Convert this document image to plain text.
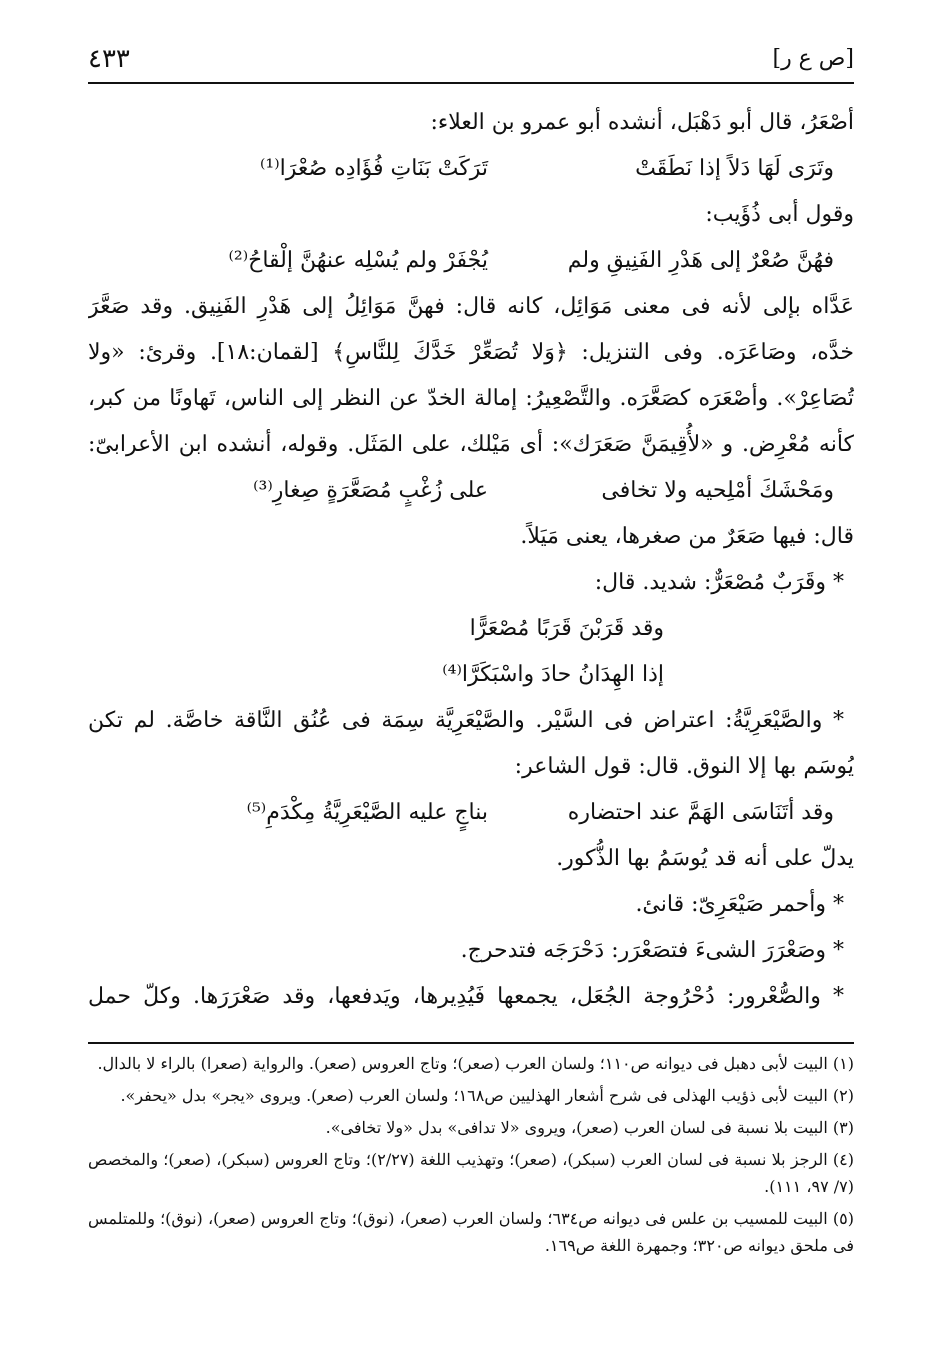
[ص ع ر]
٤٣٣
أصْعَرُ، قال أبو دَهْبَل، أنشده أبو عمرو بن العلاء:
وتَرَى لَهَا دَلاً إذا نَطَقَتْ
تَرَكَتْ بَنَاتِ فُؤَادِه صُعْرَا⁽¹⁾
وقول أبى ذُؤَيب:
فهُنَّ صُعْرٌ إلى هَدْرِ الفَنِيقِ ولم
يُجْفَرْ ولم يُسْلِه عنهُنَّ إلْقاحُ⁽²⁾
عَدَّاه بإلى لأنه فى معنى مَوَائِل، كانه قال: فهنَّ مَوَائِلُ إلى هَدْرِ الفَنِيق. وقد صَعَّرَ
خدَّه، وصَاعَرَه. وفى التنزيل: ﴿وَلا تُصَعِّرْ خَدَّكَ لِلنَّاسِ﴾ [لقمان:١٨]. وقرئ: «ولا
تُصَاعِرْ». وأصْعَرَه كصَعَّرَه. والتَّصْعِيرُ: إمالة الخدّ عن النظر إلى الناس، تَهاونًا من كبر،
كأنه مُعْرِض. و «لأُقِيمَنَّ صَعَرَك»: أى مَيْلك، على المَثَل. وقوله، أنشده ابن الأعرابىّ:
ومَحْشَكَ أمْلِحيه ولا تخافى
على زُغْبٍ مُصَعَّرَةٍ صِغارِ⁽³⁾
قال: فيها صَعَرٌ من صغرها، يعنى مَيَلاً.
* وقَرَبٌ مُصْعَرٌّ: شديد. قال:
وقد قَرَبْنَ قَرَبًا مُصْعَرًّا
إذا الهِدَانُ حادَ واسْبَكَرَّا⁽⁴⁾
* والصَّيْعَرِيَّةُ: اعتراض فى السَّيْر. والصَّيْعَرِيَّة سِمَة فى عُنُق النَّاقة خاصَّة. لم تكن
يُوسَم بها إلا النوق. قال: قول الشاعر:
وقد أتَنَاسَى الهَمَّ عند احتضاره
بناجٍ عليه الصَّيْعَرِيَّةُ مِكْدَمِ⁽⁵⁾
يدلّ على أنه قد يُوسَمُ بها الذُّكور.
* وأحمر صَيْعَرِىّ: قانئ.
* وصَعْرَرَ الشىءَ فتصَعْرَر: دَحْرَجَه فتدحرج.
* والصُّعْرور: دُحْرُوجة الجُعَل، يجمعها فَيُدِيرها، ويَدفعها، وقد صَعْرَرَها. وكلّ حمل
(١) البيت لأبى دهبل فى ديوانه ص١١٠؛ ولسان العرب (صعر)؛ وتاج العروس (صعر). والرواية (صعرا) بالراء لا بالدال.
(٢) البيت لأبى ذؤيب الهذلى فى شرح أشعار الهذليين ص١٦٨؛ ولسان العرب (صعر). ويروى «يجر» بدل «يحفر».
(٣) البيت بلا نسبة فى لسان العرب (صعر)، ويروى «لا تدافى» بدل «ولا تخافى».
(٤) الرجز بلا نسبة فى لسان العرب (سبكر)، (صعر)؛ وتهذيب اللغة (٢/٢٧)؛ وتاج العروس (سبكر)، (صعر)؛ والمخصص (٧/ ٩٧، ١١١).
(٥) البيت للمسيب بن علس فى ديوانه ص٦٣٤؛ ولسان العرب (صعر)، (نوق)؛ وتاج العروس (صعر)، (نوق)؛ وللمتلمس فى ملحق ديوانه ص٣٢٠؛ وجمهرة اللغة ص١٦٩.
